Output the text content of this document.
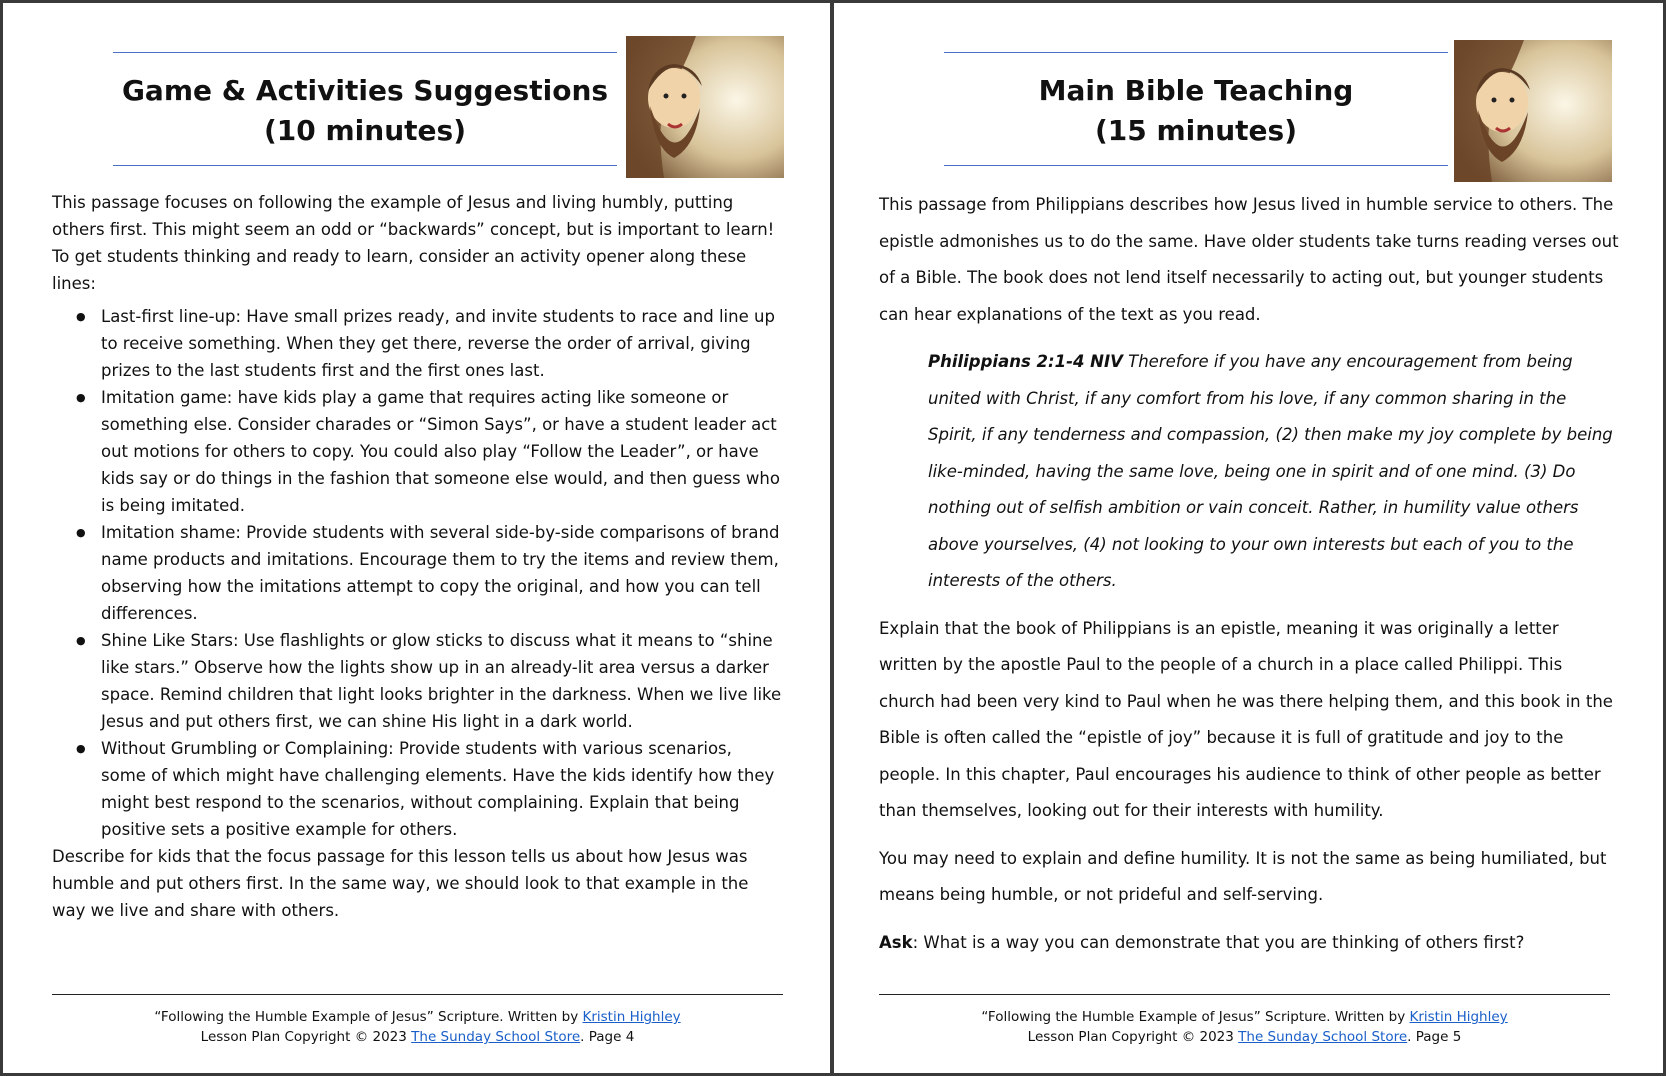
Game & Activities Suggestions
(10 minutes)

This passage focuses on following the example of Jesus and living humbly, putting others first. This might seem an odd or “backwards” concept, but is important to learn! To get students thinking and ready to learn, consider an activity opener along these lines:

● Last-first line-up: Have small prizes ready, and invite students to race and line up to receive something. When they get there, reverse the order of arrival, giving prizes to the last students first and the first ones last.
● Imitation game: have kids play a game that requires acting like someone or something else. Consider charades or “Simon Says”, or have a student leader act out motions for others to copy. You could also play “Follow the Leader”, or have kids say or do things in the fashion that someone else would, and then guess who is being imitated.
● Imitation shame: Provide students with several side-by-side comparisons of brand name products and imitations. Encourage them to try the items and review them, observing how the imitations attempt to copy the original, and how you can tell differences.
● Shine Like Stars: Use flashlights or glow sticks to discuss what it means to “shine like stars.” Observe how the lights show up in an already-lit area versus a darker space. Remind children that light looks brighter in the darkness. When we live like Jesus and put others first, we can shine His light in a dark world.
● Without Grumbling or Complaining: Provide students with various scenarios, some of which might have challenging elements. Have the kids identify how they might best respond to the scenarios, without complaining. Explain that being positive sets a positive example for others.

Describe for kids that the focus passage for this lesson tells us about how Jesus was humble and put others first. In the same way, we should look to that example in the way we live and share with others.

“Following the Humble Example of Jesus” Scripture. Written by Kristin Highley
Lesson Plan Copyright © 2023 The Sunday School Store. Page 4
Main Bible Teaching
(15 minutes)

This passage from Philippians describes how Jesus lived in humble service to others. The epistle admonishes us to do the same. Have older students take turns reading verses out of a Bible. The book does not lend itself necessarily to acting out, but younger students can hear explanations of the text as you read.

Philippians 2:1-4 NIV Therefore if you have any encouragement from being united with Christ, if any comfort from his love, if any common sharing in the Spirit, if any tenderness and compassion, (2) then make my joy complete by being like-minded, having the same love, being one in spirit and of one mind. (3) Do nothing out of selfish ambition or vain conceit. Rather, in humility value others above yourselves, (4) not looking to your own interests but each of you to the interests of the others.

Explain that the book of Philippians is an epistle, meaning it was originally a letter written by the apostle Paul to the people of a church in a place called Philippi. This church had been very kind to Paul when he was there helping them, and this book in the Bible is often called the “epistle of joy” because it is full of gratitude and joy to the people. In this chapter, Paul encourages his audience to think of other people as better than themselves, looking out for their interests with humility.

You may need to explain and define humility. It is not the same as being humiliated, but means being humble, or not prideful and self-serving.

Ask: What is a way you can demonstrate that you are thinking of others first?

“Following the Humble Example of Jesus” Scripture. Written by Kristin Highley
Lesson Plan Copyright © 2023 The Sunday School Store. Page 5
